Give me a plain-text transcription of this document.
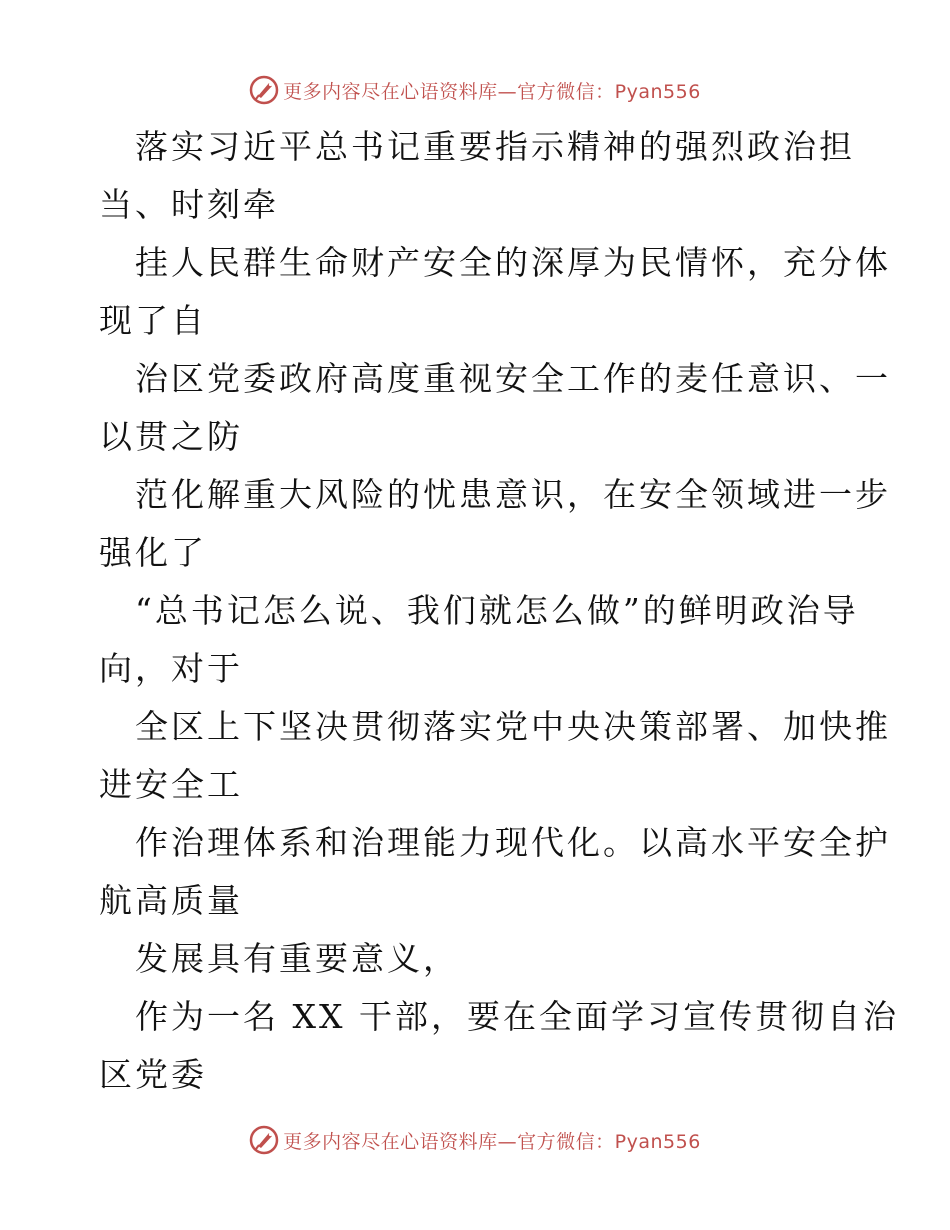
更多内容尽在心语资料库—官方微信：Pyan556
落实习近平总书记重要指示精神的强烈政治担
当、时刻牵
挂人民群生命财产安全的深厚为民情怀，充分体
现了自
治区党委政府高度重视安全工作的麦任意识、一
以贯之防
范化解重大风险的忧患意识，在安全领域进一步
强化了
“总书记怎么说、我们就怎么做”的鲜明政治导
向，对于
全区上下坚决贯彻落实党中央决策部署、加快推
进安全工
作治理体系和治理能力现代化。以高水平安全护
航高质量
发展具有重要意义，
作为一名 XX 干部，要在全面学习宣传贯彻自治
区党委
更多内容尽在心语资料库—官方微信：Pyan556
